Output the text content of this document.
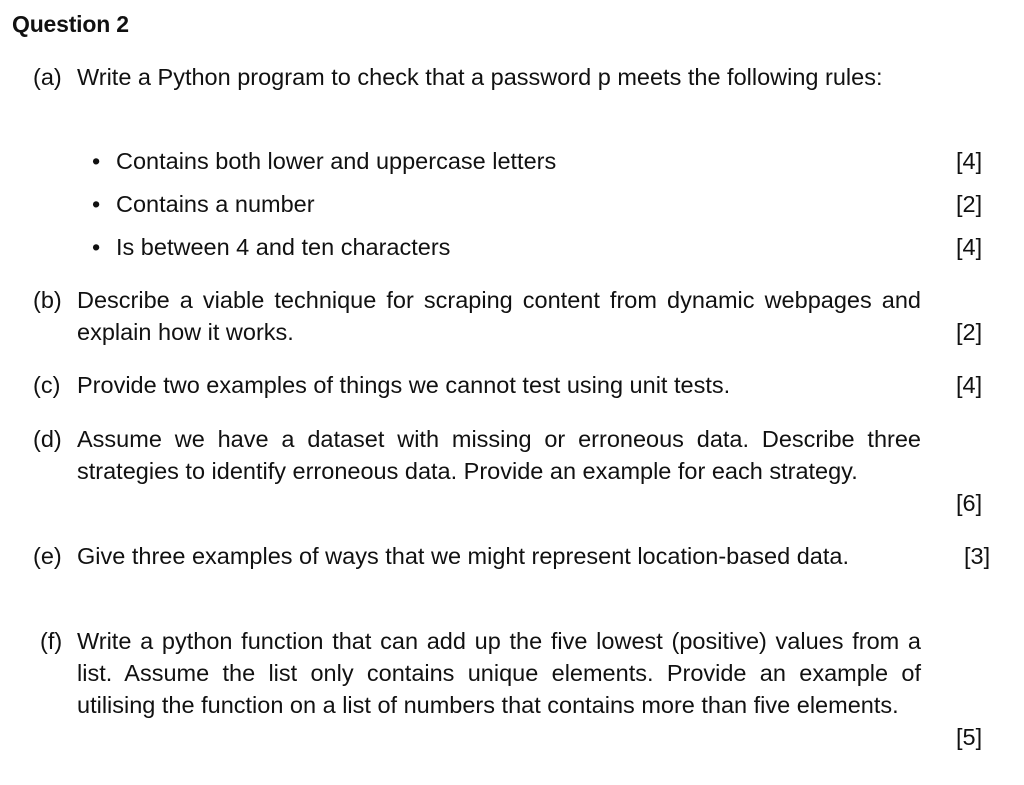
Question 2
(a) Write a Python program to check that a password p meets the following rules:
• Contains both lower and uppercase letters	[4]
• Contains a number	[2]
• Is between 4 and ten characters	[4]
(b) Describe a viable technique for scraping content from dynamic webpages and explain how it works.	[2]
(c) Provide two examples of things we cannot test using unit tests.	[4]
(d) Assume we have a dataset with missing or erroneous data. Describe three strategies to identify erroneous data. Provide an example for each strategy.
[6]
(e) Give three examples of ways that we might represent location-based data.	[3]
(f) Write a python function that can add up the five lowest (positive) values from a list. Assume the list only contains unique elements. Provide an example of utilising the function on a list of numbers that contains more than five elements.
[5]
